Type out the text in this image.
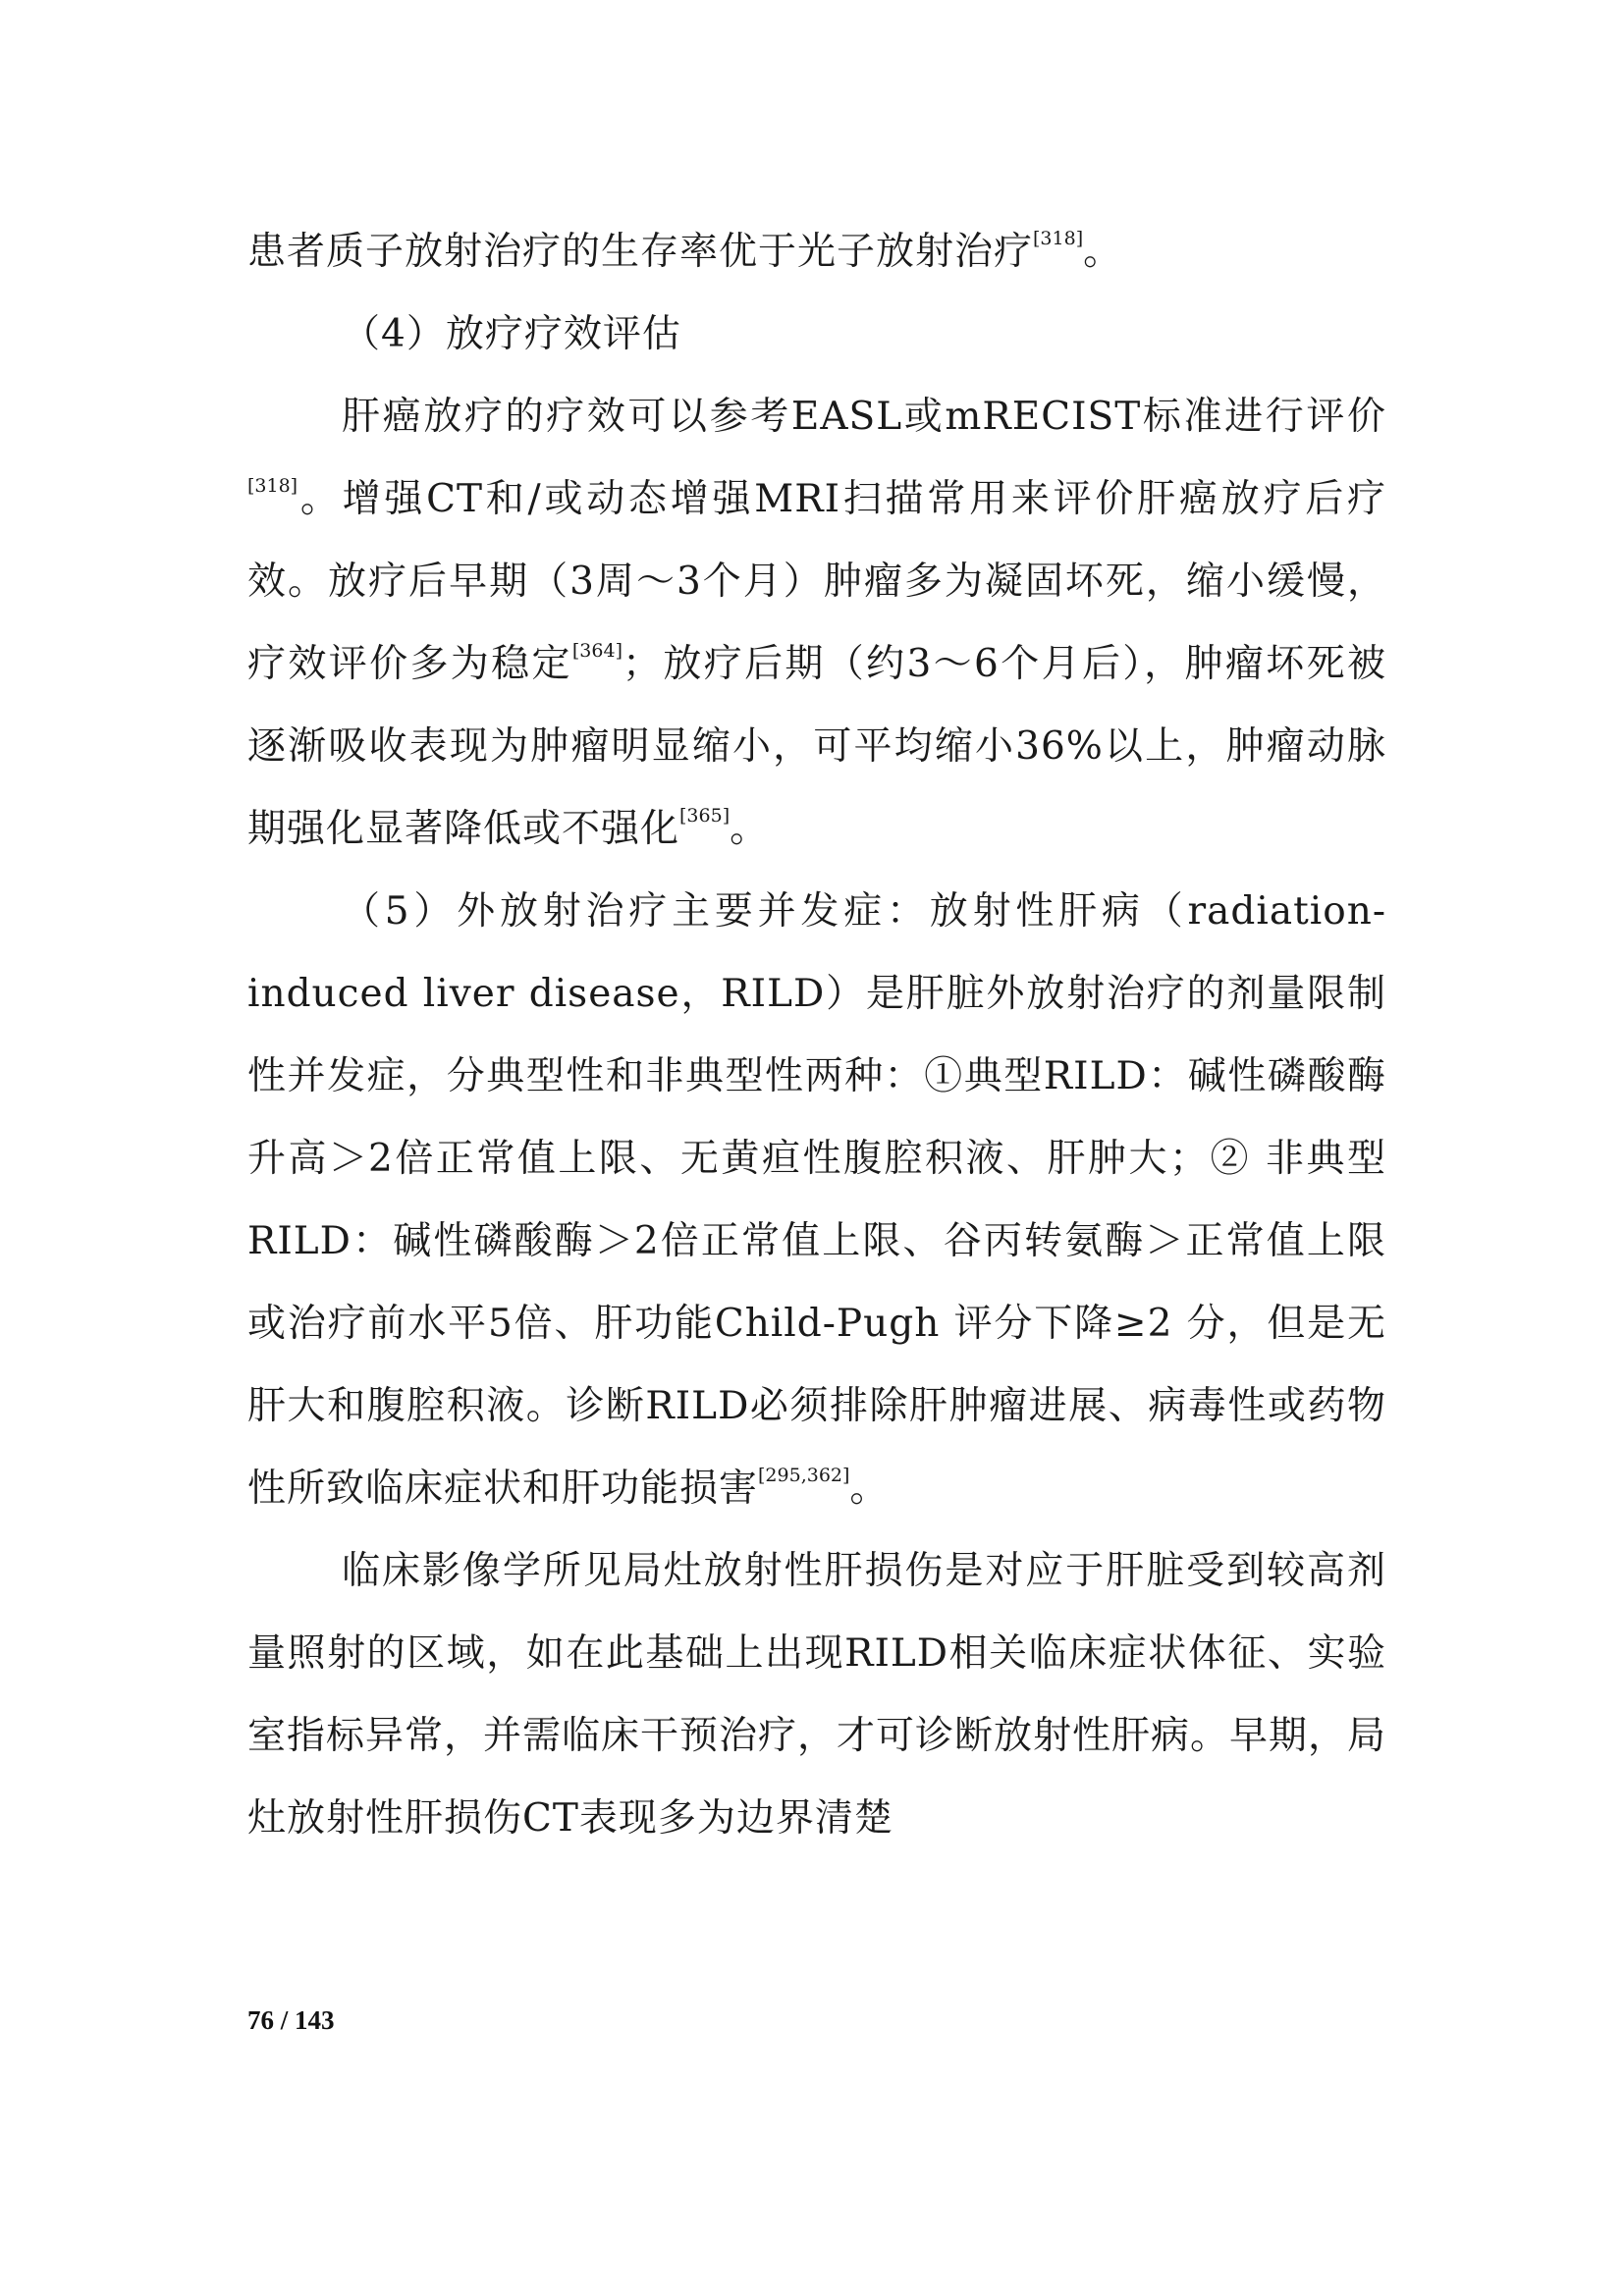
患者质子放射治疗的生存率优于光子放射治疗[318]。

（4）放疗疗效评估

肝癌放疗的疗效可以参考EASL或mRECIST标准进行评价[318]。增强CT和/或动态增强MRI扫描常用来评价肝癌放疗后疗效。放疗后早期（3周～3个月）肿瘤多为凝固坏死，缩小缓慢，疗效评价多为稳定[364]；放疗后期（约3～6个月后），肿瘤坏死被逐渐吸收表现为肿瘤明显缩小，可平均缩小36%以上，肿瘤动脉期强化显著降低或不强化[365]。

（5）外放射治疗主要并发症：放射性肝病（radiation-induced liver disease，RILD）是肝脏外放射治疗的剂量限制性并发症，分典型性和非典型性两种：①典型RILD：碱性磷酸酶升高＞2倍正常值上限、无黄疸性腹腔积液、肝肿大；② 非典型RILD：碱性磷酸酶＞2倍正常值上限、谷丙转氨酶＞正常值上限或治疗前水平5倍、肝功能Child-Pugh 评分下降≥2 分，但是无肝大和腹腔积液。诊断RILD必须排除肝肿瘤进展、病毒性或药物性所致临床症状和肝功能损害[295,362]。

临床影像学所见局灶放射性肝损伤是对应于肝脏受到较高剂量照射的区域，如在此基础上出现RILD相关临床症状体征、实验室指标异常，并需临床干预治疗，才可诊断放射性肝病。早期，局灶放射性肝损伤CT表现多为边界清楚

76 / 143
